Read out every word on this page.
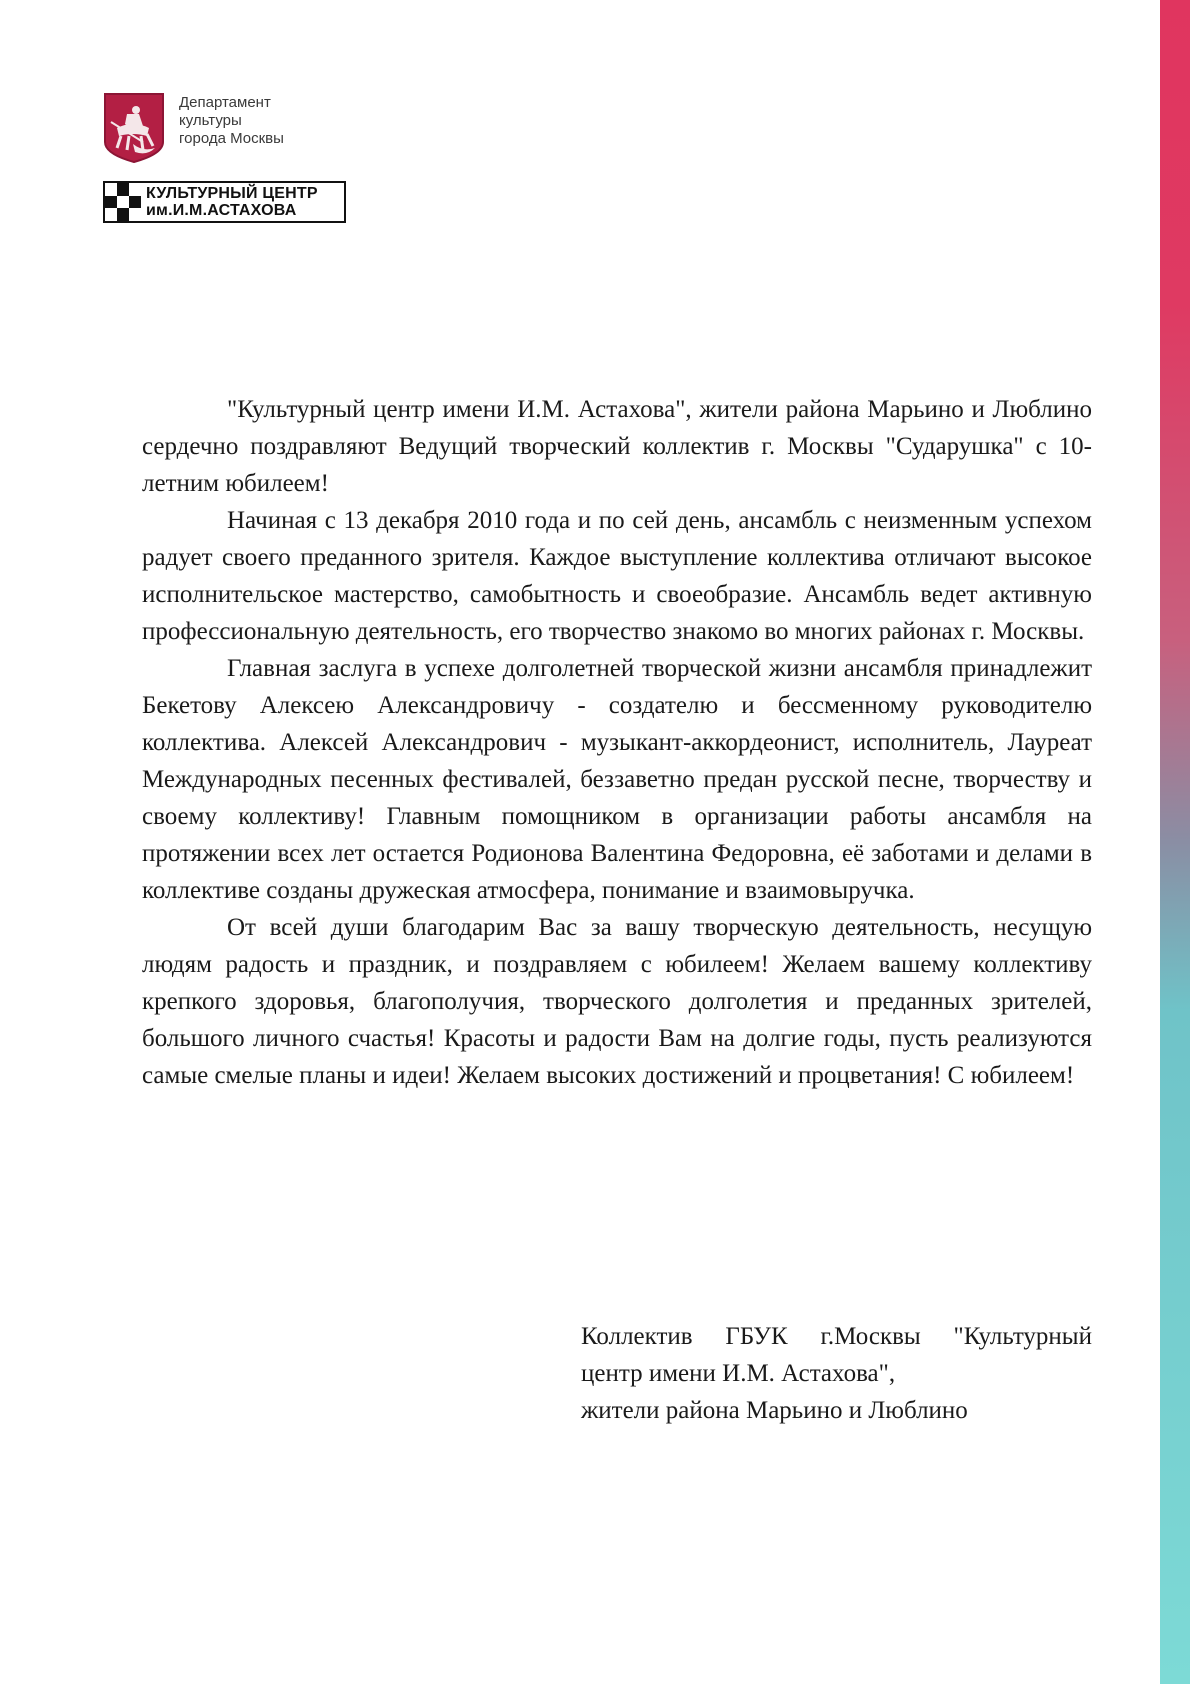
Департамент
культуры
города Москвы
КУЛЬТУРНЫЙ ЦЕНТР
им.И.М.АСТАХОВА

"Культурный центр имени И.М. Астахова", жители района Марьино и Люблино сердечно поздравляют Ведущий творческий коллектив г. Москвы "Сударушка" с 10-летним юбилеем!

Начиная с 13 декабря 2010 года и по сей день, ансамбль с неизменным успехом радует своего преданного зрителя. Каждое выступление коллектива отличают высокое исполнительское мастерство, самобытность и своеобразие. Ансамбль ведет активную профессиональную деятельность, его творчество знакомо во многих районах г. Москвы.

Главная заслуга в успехе долголетней творческой жизни ансамбля принадлежит Бекетову Алексею Александровичу - создателю и бессменному руководителю коллектива. Алексей Александрович - музыкант-аккордеонист, исполнитель, Лауреат Международных песенных фестивалей, беззаветно предан русской песне, творчеству и своему коллективу! Главным помощником в организации работы ансамбля на протяжении всех лет остается Родионова Валентина Федоровна, её заботами и делами в коллективе созданы дружеская атмосфера, понимание и взаимовыручка.

От всей души благодарим Вас за вашу творческую деятельность, несущую людям радость и праздник, и поздравляем с юбилеем! Желаем вашему коллективу крепкого здоровья, благополучия, творческого долголетия и преданных зрителей, большого личного счастья! Красоты и радости Вам на долгие годы, пусть реализуются самые смелые планы и идеи! Желаем высоких достижений и процветания! С юбилеем!

Коллектив ГБУК г.Москвы "Культурный
центр имени И.М. Астахова",
жители района Марьино и Люблино
